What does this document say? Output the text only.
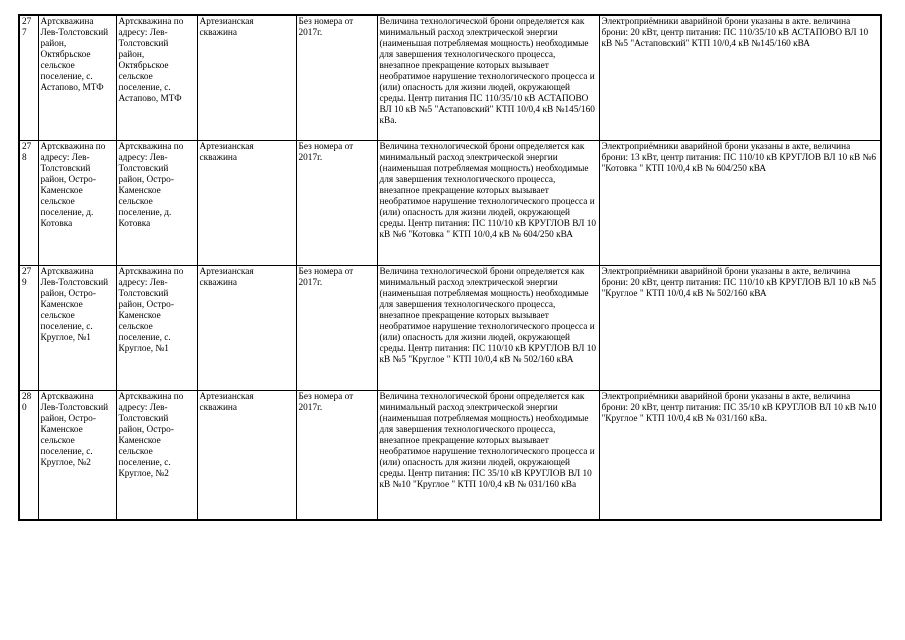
277	Артскважина Лев-Толстовский район, Октябрьское сельское поселение, с. Астапово, МТФ	Артскважина по адресу: Лев-Толстовский район, Октябрьское сельское поселение, с. Астапово, МТФ	Артезианская скважина	Без номера от 2017г.	Величина технологической брони определяется как минимальный расход электрической энергии (наименьшая потребляемая мощность) необходимые для завершения технологического процесса, внезапное прекращение которых вызывает необратимое нарушение технологического процесса и (или) опасность для жизни людей, окружающей среды. Центр питания ПС 110/35/10 кВ АСТАПОВО ВЛ 10 кВ №5 "Астаповский" КТП 10/0,4 кВ №145/160 кВа.	Электроприёмники аварийной брони указаны в акте. величина брони: 20 кВт, центр питания: ПС 110/35/10 кВ АСТАПОВО ВЛ 10 кВ №5 "Астаповский" КТП 10/0,4 кВ №145/160 кВА
278	Артскважина по адресу: Лев-Толстовский район, Остро-Каменское сельское поселение, д. Котовка	Артскважина по адресу: Лев-Толстовский район, Остро-Каменское сельское поселение, д. Котовка	Артезианская скважина	Без номера от 2017г.	Величина технологической брони определяется как минимальный расход электрической энергии (наименьшая потребляемая мощность) необходимые для завершения технологического процесса, внезапное прекращение которых вызывает необратимое нарушение технологического процесса и (или) опасность для жизни людей, окружающей среды. Центр питания: ПС 110/10 кВ КРУГЛОВ ВЛ 10 кВ №6 "Котовка " КТП 10/0,4 кВ № 604/250 кВА	Электроприёмники аварийной брони указаны в акте, величина брони: 13 кВт, центр питания: ПС 110/10 кВ КРУГЛОВ ВЛ 10 кВ №6 "Котовка " КТП 10/0,4 кВ № 604/250 кВА
279	Артскважина Лев-Толстовский район, Остро-Каменское сельское поселение, с. Круглое, №1	Артскважина по адресу: Лев-Толстовский район, Остро-Каменское сельское поселение, с. Круглое, №1	Артезианская скважина	Без номера от 2017г.	Величина технологической брони определяется как минимальный расход электрической энергии (наименьшая потребляемая мощность) необходимые для завершения технологического процесса, внезапное прекращение которых вызывает необратимое нарушение технологического процесса и (или) опасность для жизни людей, окружающей среды. Центр питания: ПС 110/10 кВ КРУГЛОВ ВЛ 10 кВ №5 "Круглое " КТП 10/0,4 кВ № 502/160 кВА	Электроприёмники аварийной брони указаны в акте, величина брони: 20 кВт, центр питания: ПС 110/10 кВ КРУГЛОВ ВЛ 10 кВ №5 "Круглое " КТП 10/0,4 кВ № 502/160 кВА
280	Артскважина Лев-Толстовский район, Остро-Каменское сельское поселение, с. Круглое, №2	Артскважина по адресу: Лев-Толстовский район, Остро-Каменское сельское поселение, с. Круглое, №2	Артезианская скважина	Без номера от 2017г.	Величина технологической брони определяется как минимальный расход электрической энергии (наименьшая потребляемая мощность) необходимые для завершения технологического процесса, внезапное прекращение которых вызывает необратимое нарушение технологического процесса и (или) опасность для жизни людей, окружающей среды. Центр питания: ПС 35/10 кВ КРУГЛОВ ВЛ 10 кВ №10 "Круглое " КТП 10/0,4 кВ № 031/160 кВа	Электроприёмники аварийной брони указаны в акте, величина брони: 20 кВт, центр питания: ПС 35/10 кВ КРУГЛОВ ВЛ 10 кВ №10 "Круглое " КТП 10/0,4 кВ № 031/160 кВа.
